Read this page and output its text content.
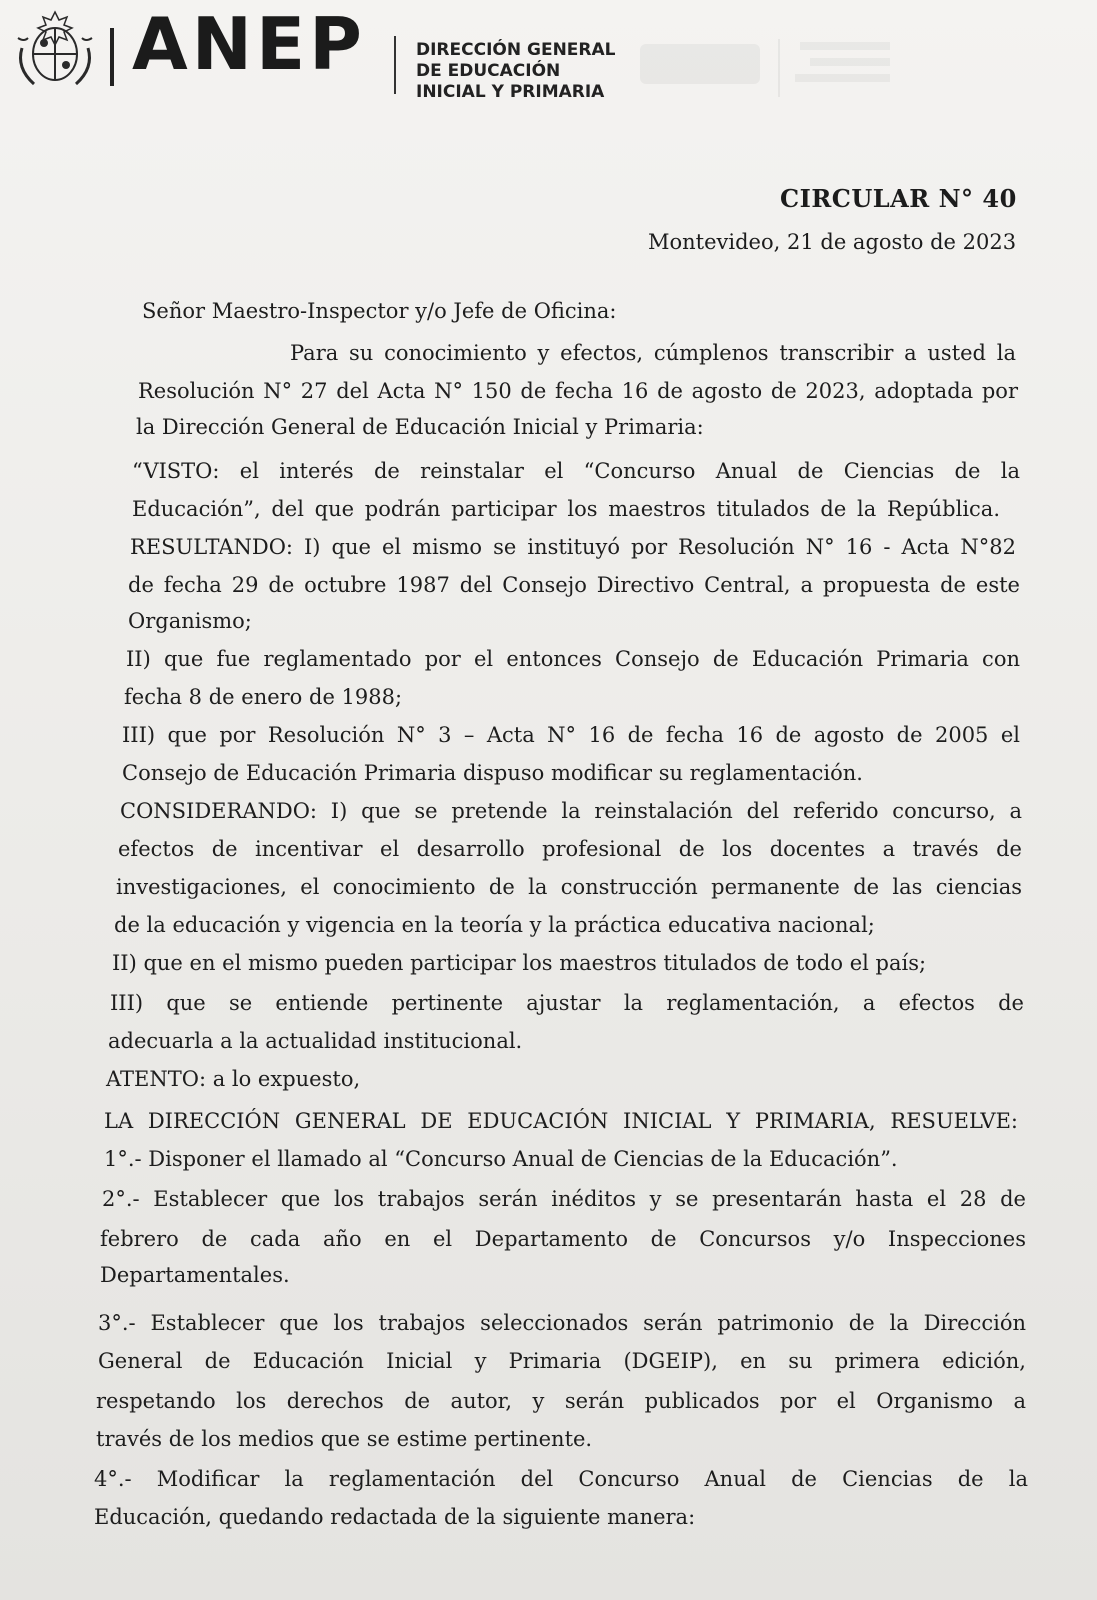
ANEP	DIRECCIÓN GENERAL
DE EDUCACIÓN
INICIAL Y PRIMARIA
CIRCULAR N° 40
Montevideo, 21 de agosto de 2023
Señor Maestro-Inspector y/o Jefe de Oficina:
Para su conocimiento y efectos, cúmplenos transcribir a usted la
Resolución N° 27 del Acta N° 150 de fecha 16 de agosto de 2023, adoptada por
la Dirección General de Educación Inicial y Primaria:
“VISTO: el interés de reinstalar el “Concurso Anual de Ciencias de la
Educación”, del que podrán participar los maestros titulados de la República.
RESULTANDO: I) que el mismo se instituyó por Resolución N° 16 - Acta N°82
de fecha 29 de octubre 1987 del Consejo Directivo Central, a propuesta de este
Organismo;
II) que fue reglamentado por el entonces Consejo de Educación Primaria con
fecha 8 de enero de 1988;
III) que por Resolución N° 3 – Acta N° 16 de fecha 16 de agosto de 2005 el
Consejo de Educación Primaria dispuso modificar su reglamentación.
CONSIDERANDO: I) que se pretende la reinstalación del referido concurso, a
efectos de incentivar el desarrollo profesional de los docentes a través de
investigaciones, el conocimiento de la construcción permanente de las ciencias
de la educación y vigencia en la teoría y la práctica educativa nacional;
II) que en el mismo pueden participar los maestros titulados de todo el país;
III) que se entiende pertinente ajustar la reglamentación, a efectos de
adecuarla a la actualidad institucional.
ATENTO: a lo expuesto,
LA DIRECCIÓN GENERAL DE EDUCACIÓN INICIAL Y PRIMARIA, RESUELVE:
1°.- Disponer el llamado al “Concurso Anual de Ciencias de la Educación”.
2°.- Establecer que los trabajos serán inéditos y se presentarán hasta el 28 de
febrero de cada año en el Departamento de Concursos y/o Inspecciones
Departamentales.
3°.- Establecer que los trabajos seleccionados serán patrimonio de la Dirección
General de Educación Inicial y Primaria (DGEIP), en su primera edición,
respetando los derechos de autor, y serán publicados por el Organismo a
través de los medios que se estime pertinente.
4°.- Modificar la reglamentación del Concurso Anual de Ciencias de la
Educación, quedando redactada de la siguiente manera:
